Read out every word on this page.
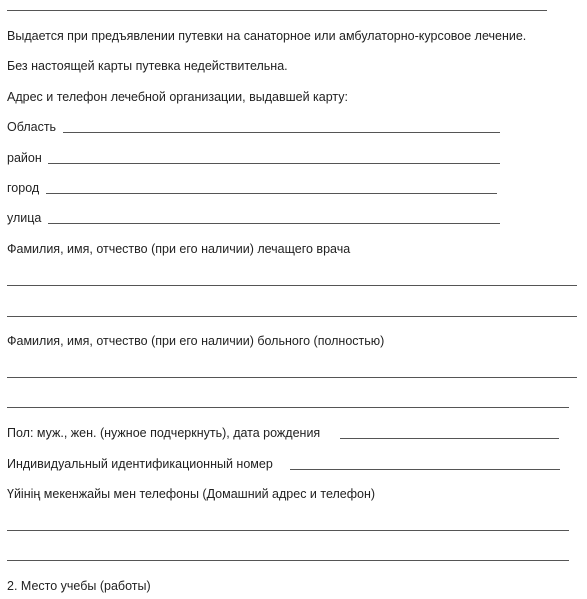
Выдается при предъявлении путевки на санаторное или амбулаторно-курсовое лечение.
Без настоящей карты путевка недействительна.
Адрес и телефон лечебной организации, выдавшей карту:
Область
район
город
улица
Фамилия, имя, отчество (при его наличии) лечащего врача
Фамилия, имя, отчество (при его наличии) больного (полностью)
Пол: муж., жен. (нужное подчеркнуть), дата рождения
Индивидуальный идентификационный номер
Үйінің мекенжайы мен телефоны (Домашний адрес и телефон)
2. Место учебы (работы)
